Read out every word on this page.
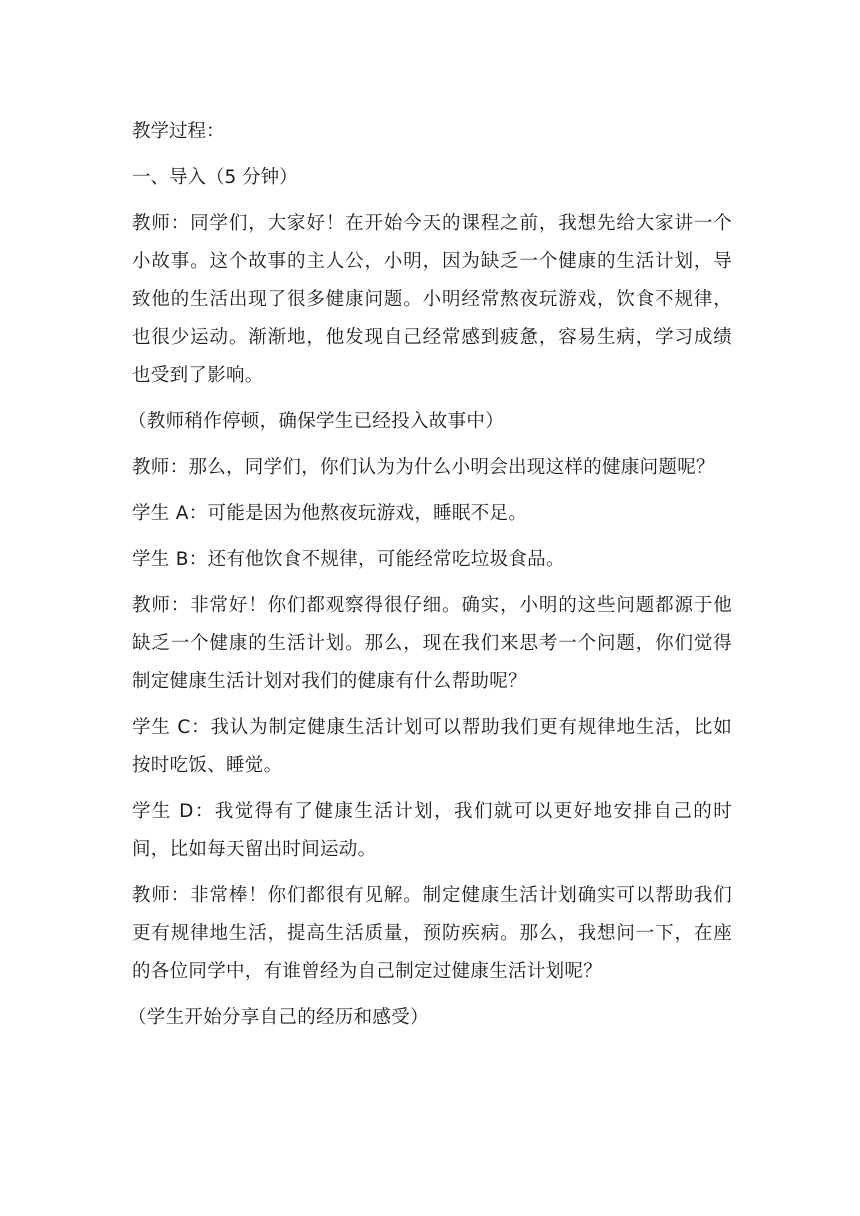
教学过程：

一、导入（5 分钟）

教师：同学们，大家好！在开始今天的课程之前，我想先给大家讲一个小故事。这个故事的主人公，小明，因为缺乏一个健康的生活计划，导致他的生活出现了很多健康问题。小明经常熬夜玩游戏，饮食不规律，也很少运动。渐渐地，他发现自己经常感到疲惫，容易生病，学习成绩也受到了影响。

（教师稍作停顿，确保学生已经投入故事中）

教师：那么，同学们，你们认为为什么小明会出现这样的健康问题呢？

学生 A：可能是因为他熬夜玩游戏，睡眠不足。

学生 B：还有他饮食不规律，可能经常吃垃圾食品。

教师：非常好！你们都观察得很仔细。确实，小明的这些问题都源于他缺乏一个健康的生活计划。那么，现在我们来思考一个问题，你们觉得制定健康生活计划对我们的健康有什么帮助呢？

学生 C：我认为制定健康生活计划可以帮助我们更有规律地生活，比如按时吃饭、睡觉。

学生 D：我觉得有了健康生活计划，我们就可以更好地安排自己的时间，比如每天留出时间运动。

教师：非常棒！你们都很有见解。制定健康生活计划确实可以帮助我们更有规律地生活，提高生活质量，预防疾病。那么，我想问一下，在座的各位同学中，有谁曾经为自己制定过健康生活计划呢？

（学生开始分享自己的经历和感受）
